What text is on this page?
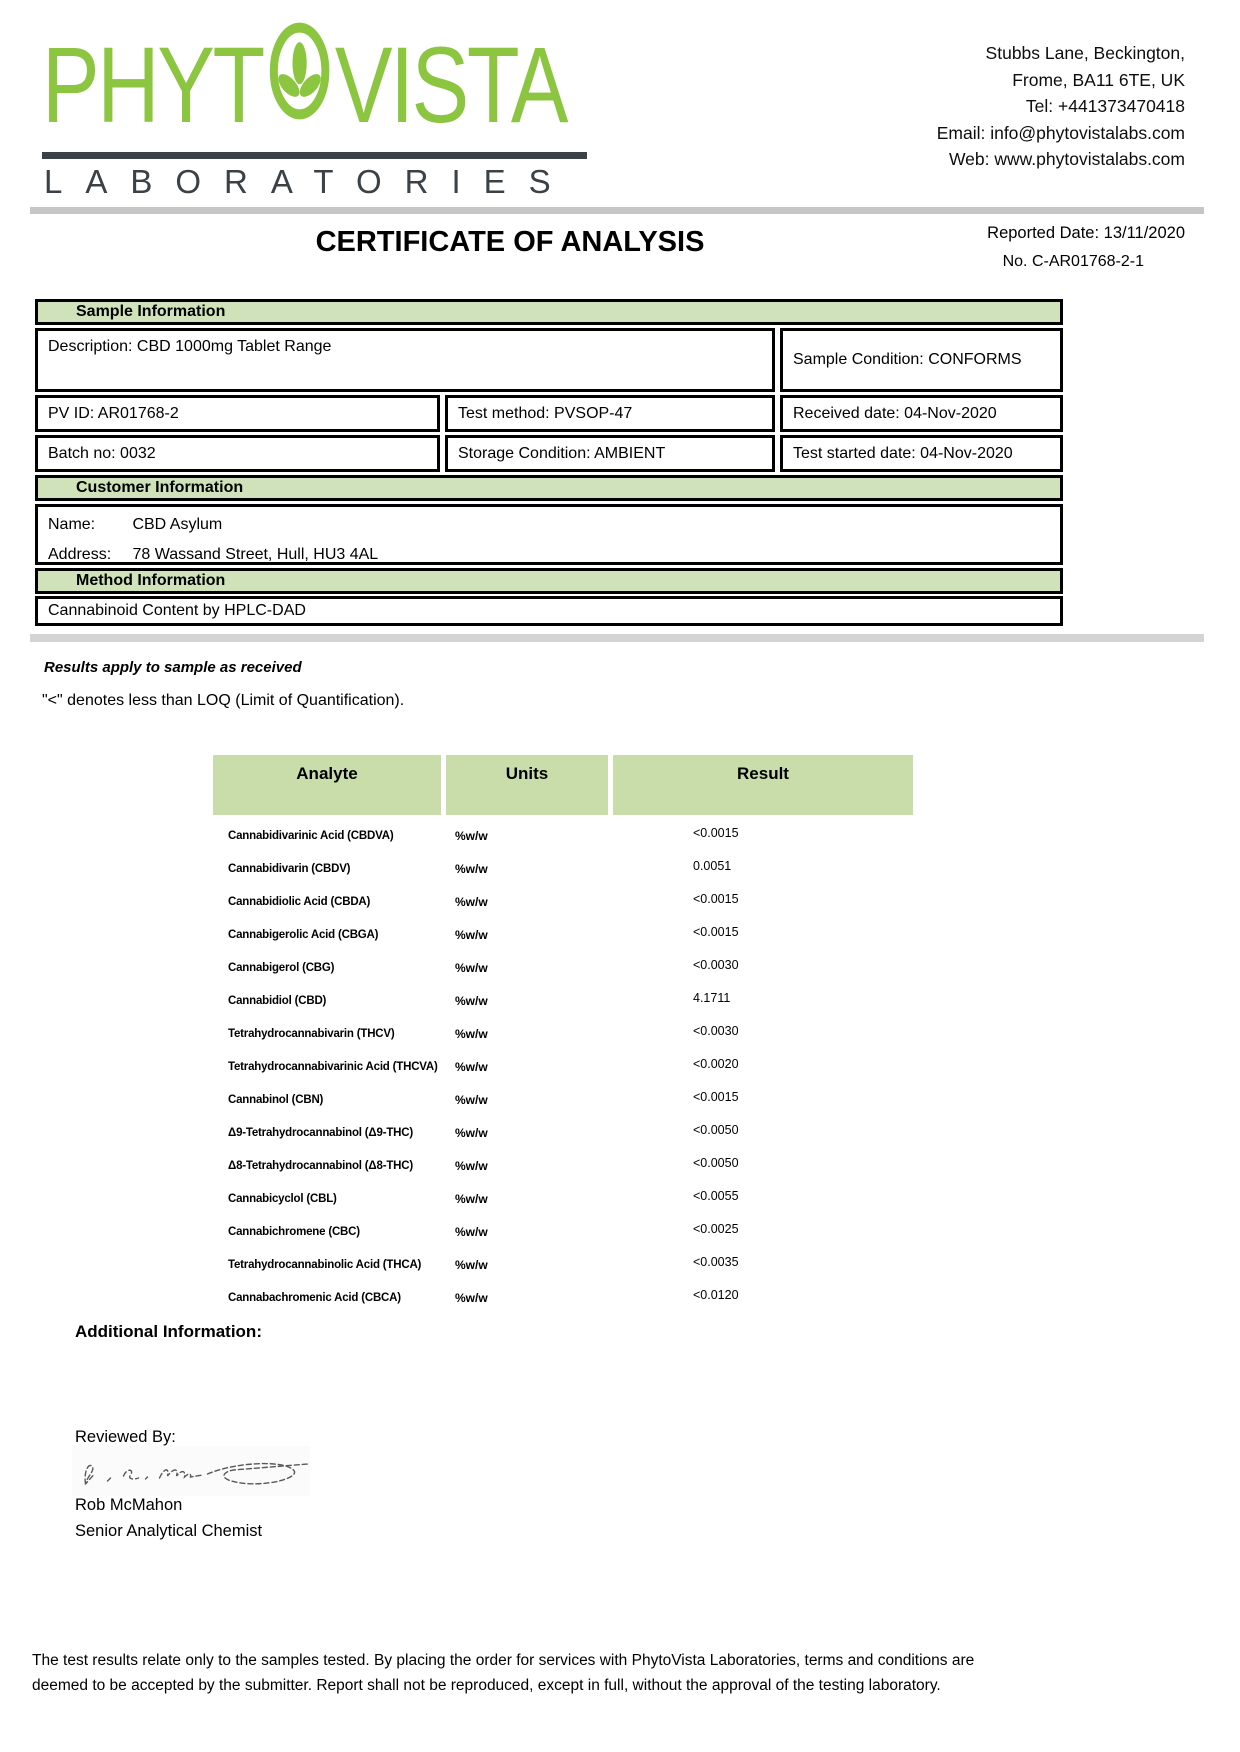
PHYT VISTA
LABORATORIES
Stubbs Lane, Beckington,
Frome, BA11 6TE, UK
Tel: +441373470418
Email: info@phytovistalabs.com
Web: www.phytovistalabs.com
Reported Date: 13/11/2020
No. C-AR01768-2-1
CERTIFICATE OF ANALYSIS
Sample Information
Description: CBD 1000mg Tablet Range
Sample Condition: CONFORMS
PV ID: AR01768-2	Test method: PVSOP-47	Received date: 04-Nov-2020
Batch no: 0032	Storage Condition: AMBIENT	Test started date: 04-Nov-2020
Customer Information
Name: CBD Asylum
Address: 78 Wassand Street, Hull, HU3 4AL
Method Information
Cannabinoid Content by HPLC-DAD
Results apply to sample as received
"<" denotes less than LOQ (Limit of Quantification).
Analyte	Units	Result
Cannabidivarinic Acid (CBDVA)	%w/w	<0.0015
Cannabidivarin (CBDV)	%w/w	0.0051
Cannabidiolic Acid (CBDA)	%w/w	<0.0015
Cannabigerolic Acid (CBGA)	%w/w	<0.0015
Cannabigerol (CBG)	%w/w	<0.0030
Cannabidiol (CBD)	%w/w	4.1711
Tetrahydrocannabivarin (THCV)	%w/w	<0.0030
Tetrahydrocannabivarinic Acid (THCVA)	%w/w	<0.0020
Cannabinol (CBN)	%w/w	<0.0015
Δ9-Tetrahydrocannabinol (Δ9-THC)	%w/w	<0.0050
Δ8-Tetrahydrocannabinol (Δ8-THC)	%w/w	<0.0050
Cannabicyclol (CBL)	%w/w	<0.0055
Cannabichromene (CBC)	%w/w	<0.0025
Tetrahydrocannabinolic Acid (THCA)	%w/w	<0.0035
Cannabachromenic Acid (CBCA)	%w/w	<0.0120
Additional Information:
Reviewed By:
Rob McMahon
Senior Analytical Chemist
The test results relate only to the samples tested. By placing the order for services with PhytoVista Laboratories, terms and conditions are
deemed to be accepted by the submitter. Report shall not be reproduced, except in full, without the approval of the testing laboratory.
